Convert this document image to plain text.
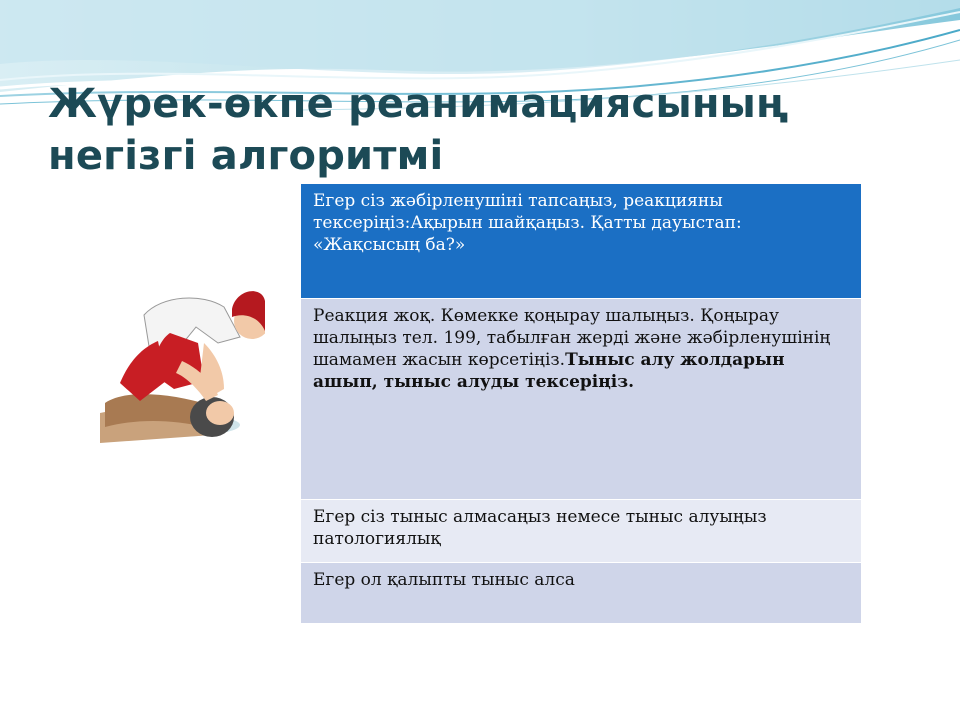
Жүрек-өкпе реанимациясының
негізгі алгоритмі
Егер сіз жәбірленушіні тапсаңыз, реакцияны тексеріңіз:Ақырын шайқаңыз. Қатты дауыстап: «Жақсысың ба?»
Реакция жоқ. Көмекке қоңырау шалыңыз. Қоңырау шалыңыз тел. 199, табылған жерді және жәбірленушінің шамамен жасын көрсетіңіз.Тыныс алу жолдарын ашып, тыныс алуды тексеріңіз.
Егер сіз тыныс алмасаңыз немесе тыныс алуыңыз патологиялық
Егер ол қалыпты тыныс алса
